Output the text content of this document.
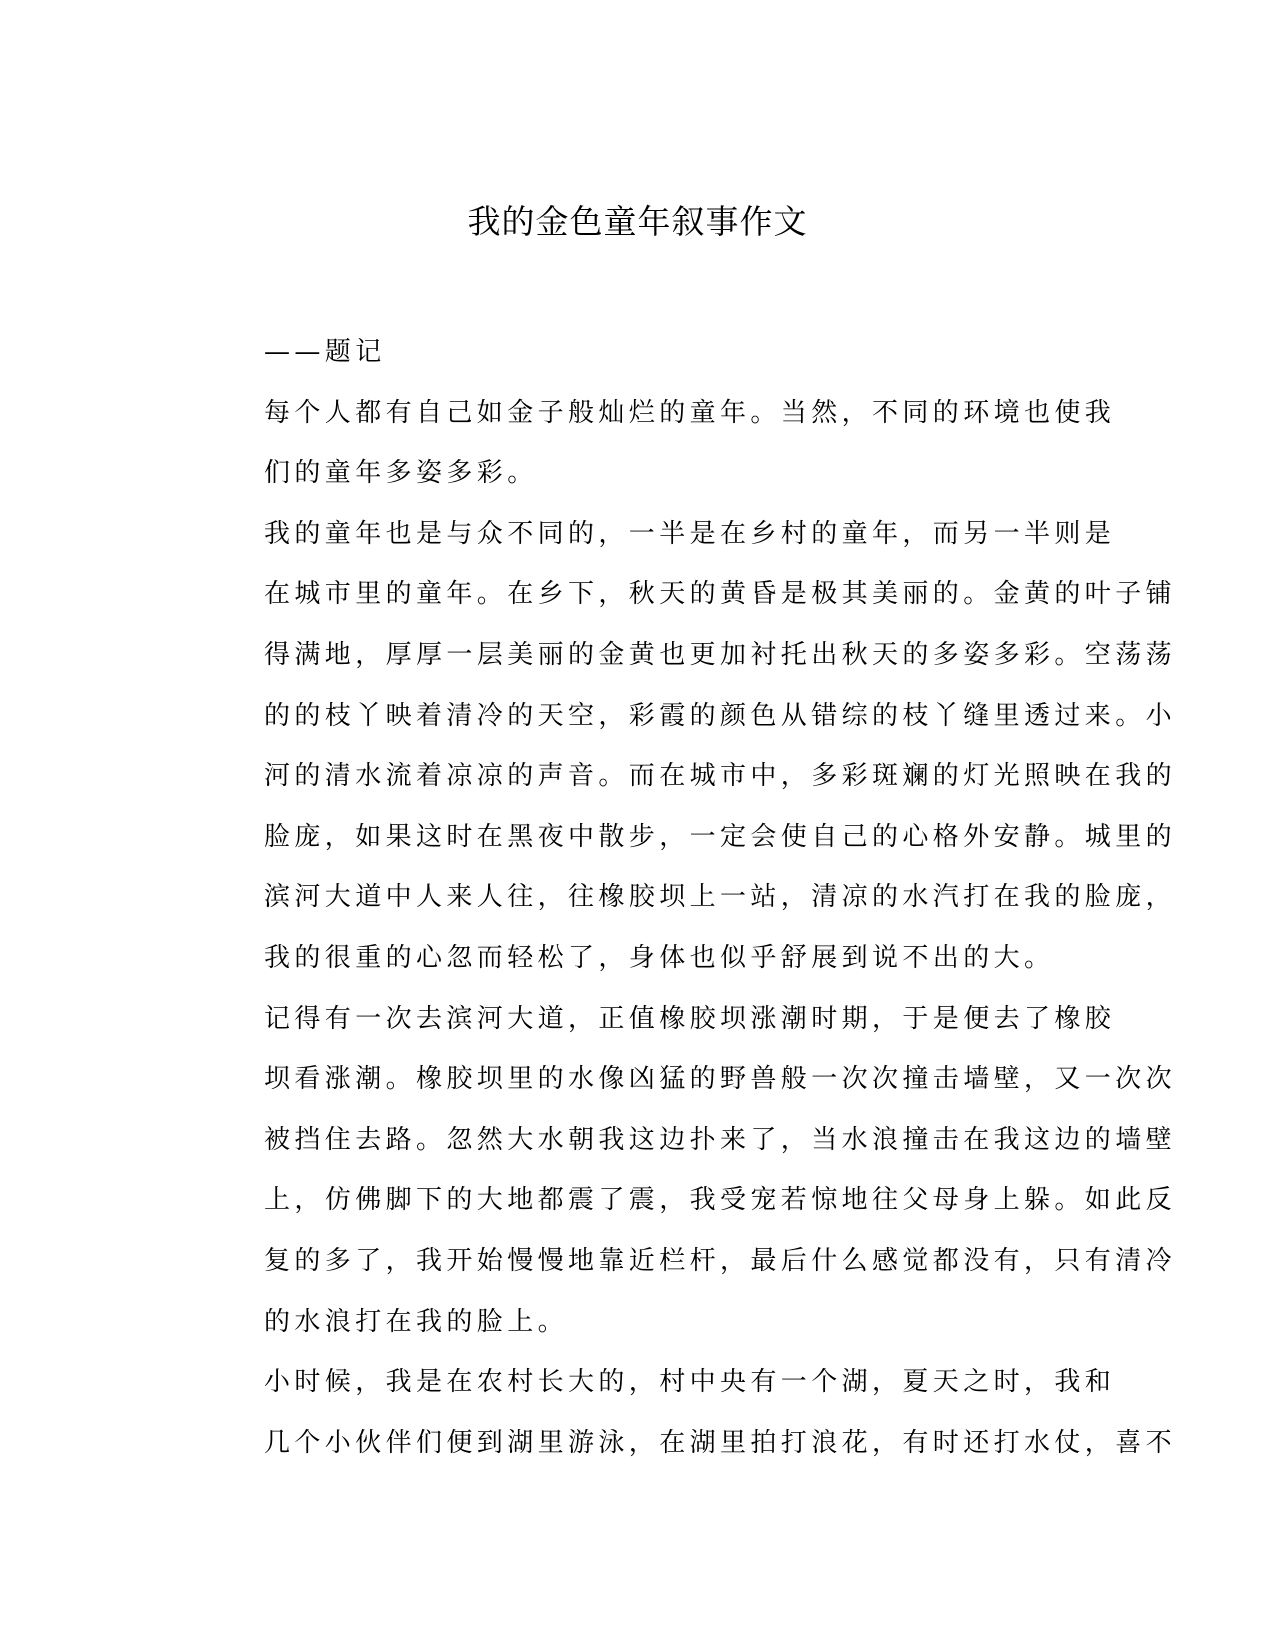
我的金色童年叙事作文

——题记

每个人都有自己如金子般灿烂的童年。当然，不同的环境也使我
们的童年多姿多彩。

我的童年也是与众不同的，一半是在乡村的童年，而另一半则是
在城市里的童年。在乡下，秋天的黄昏是极其美丽的。金黄的叶子铺
得满地，厚厚一层美丽的金黄也更加衬托出秋天的多姿多彩。空荡荡
的的枝丫映着清冷的天空，彩霞的颜色从错综的枝丫缝里透过来。小
河的清水流着凉凉的声音。而在城市中，多彩斑斓的灯光照映在我的
脸庞，如果这时在黑夜中散步，一定会使自己的心格外安静。城里的
滨河大道中人来人往，往橡胶坝上一站，清凉的水汽打在我的脸庞，
我的很重的心忽而轻松了，身体也似乎舒展到说不出的大。

记得有一次去滨河大道，正值橡胶坝涨潮时期，于是便去了橡胶
坝看涨潮。橡胶坝里的水像凶猛的野兽般一次次撞击墙壁，又一次次
被挡住去路。忽然大水朝我这边扑来了，当水浪撞击在我这边的墙壁
上，仿佛脚下的大地都震了震，我受宠若惊地往父母身上躲。如此反
复的多了，我开始慢慢地靠近栏杆，最后什么感觉都没有，只有清冷
的水浪打在我的脸上。

小时候，我是在农村长大的，村中央有一个湖，夏天之时，我和
几个小伙伴们便到湖里游泳，在湖里拍打浪花，有时还打水仗，喜不
